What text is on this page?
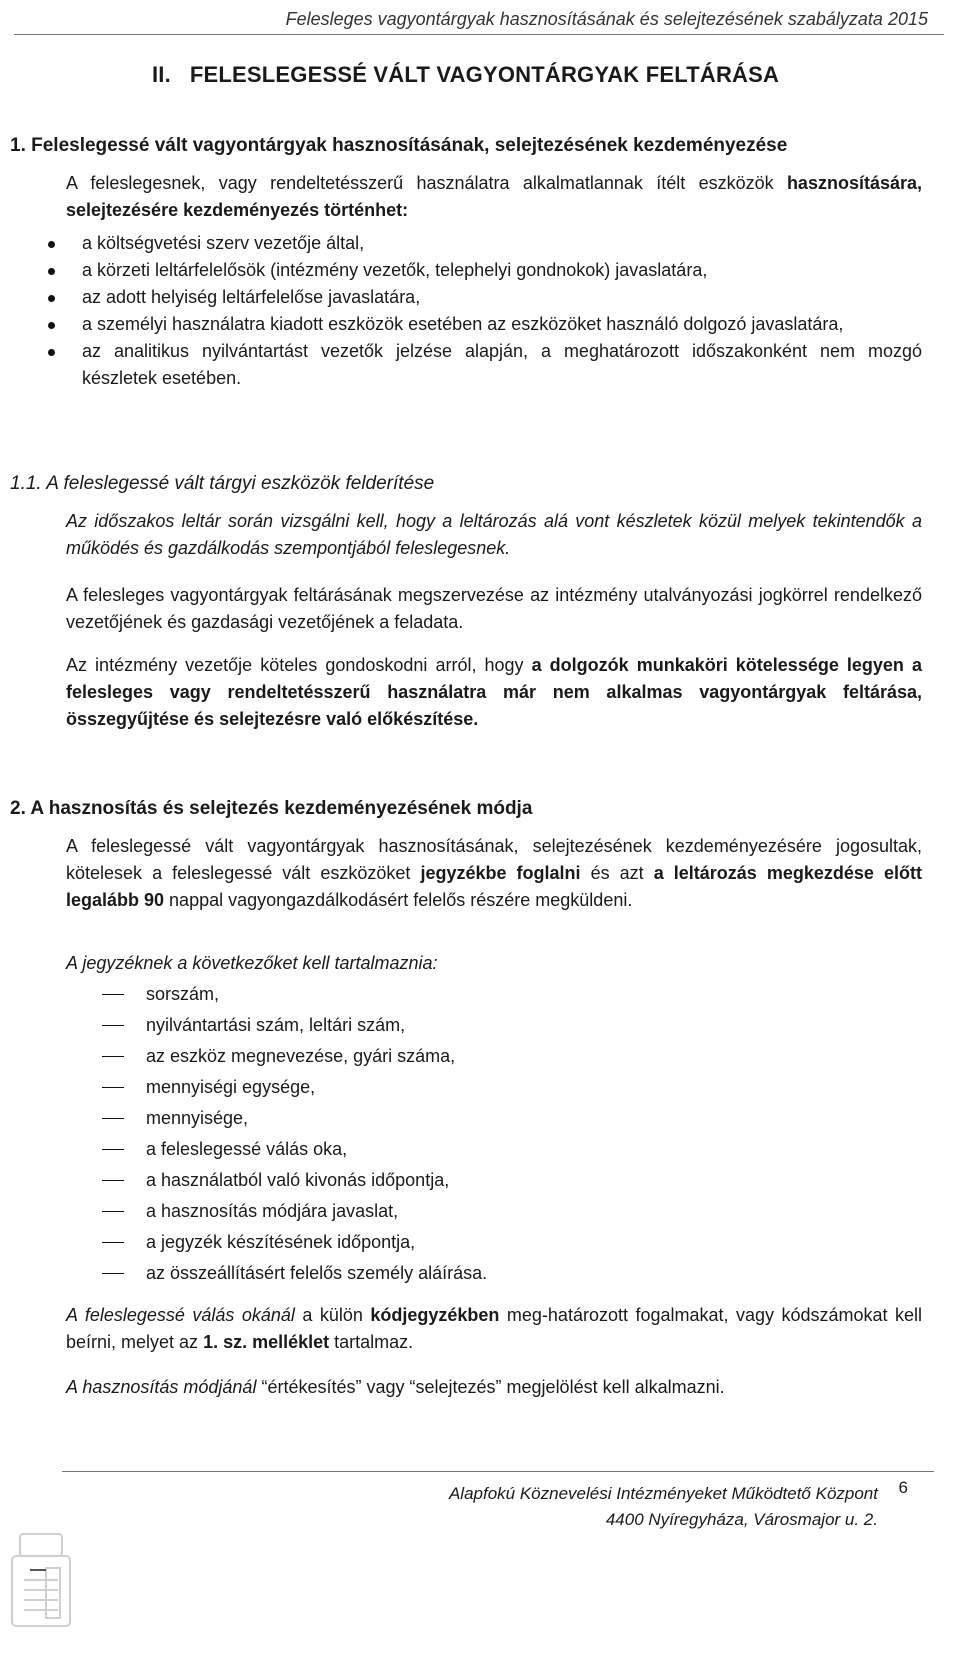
Felesleges vagyontárgyak hasznosításának és selejtezésének szabályzata 2015
II.   FELESLEGESSÉ VÁLT VAGYONTÁRGYAK FELTÁRÁSA
1. Feleslegessé vált vagyontárgyak hasznosításának, selejtezésének kezdeményezése

A feleslegesnek, vagy rendeltetésszerű használatra alkalmatlannak ítélt eszközök hasznosítására, selejtezésére kezdeményezés történhet:

a költségvetési szerv vezetője által,
a körzeti leltárfelelősök (intézmény vezetők, telephelyi gondnokok) javaslatára,
az adott helyiség leltárfelelőse javaslatára,
a személyi használatra kiadott eszközök esetében az eszközöket használó dolgozó javaslatára,
az analitikus nyilvántartást vezetők jelzése alapján, a meghatározott időszakonként nem mozgó készletek esetében.
1.1. A feleslegessé vált tárgyi eszközök felderítése

Az időszakos leltár során vizsgálni kell, hogy a leltározás alá vont készletek közül melyek tekintendők a működés és gazdálkodás szempontjából feleslegesnek.

A felesleges vagyontárgyak feltárásának megszervezése az intézmény utalványozási jogkörrel rendelkező vezetőjének és gazdasági vezetőjének a feladata.

Az intézmény vezetője köteles gondoskodni arról, hogy a dolgozók munkaköri kötelessége legyen a felesleges vagy rendeltetésszerű használatra már nem alkalmas vagyontárgyak feltárása, összegyűjtése és selejtezésre való előkészítése.

2. A hasznosítás és selejtezés kezdeményezésének módja

A feleslegessé vált vagyontárgyak hasznosításának, selejtezésének kezdeményezésére jogosultak, kötelesek a feleslegessé vált eszközöket jegyzékbe foglalni és azt a leltározás megkezdése előtt legalább 90 nappal vagyongazdálkodásért felelős részére megküldeni.

A jegyzéknek a következőket kell tartalmaznia:

sorszám,
nyilvántartási szám, leltári szám,
az eszköz megnevezése, gyári száma,
mennyiségi egysége,
mennyisége,
a feleslegessé válás oka,
a használatból való kivonás időpontja,
a hasznosítás módjára javaslat,
a jegyzék készítésének időpontja,
az összeállításért felelős személy aláírása.

A feleslegessé válás okánál a külön kódjegyzékben meg-határozott fogalmakat, vagy kódszámokat kell beírni, melyet az 1. sz. melléklet tartalmaz.

A hasznosítás módjánál “értékesítés” vagy “selejtezés” megjelölést kell alkalmazni.

Alapfokú Köznevelési Intézményeket Működtető Központ
4400 Nyíregyháza, Városmajor u. 2.
6
